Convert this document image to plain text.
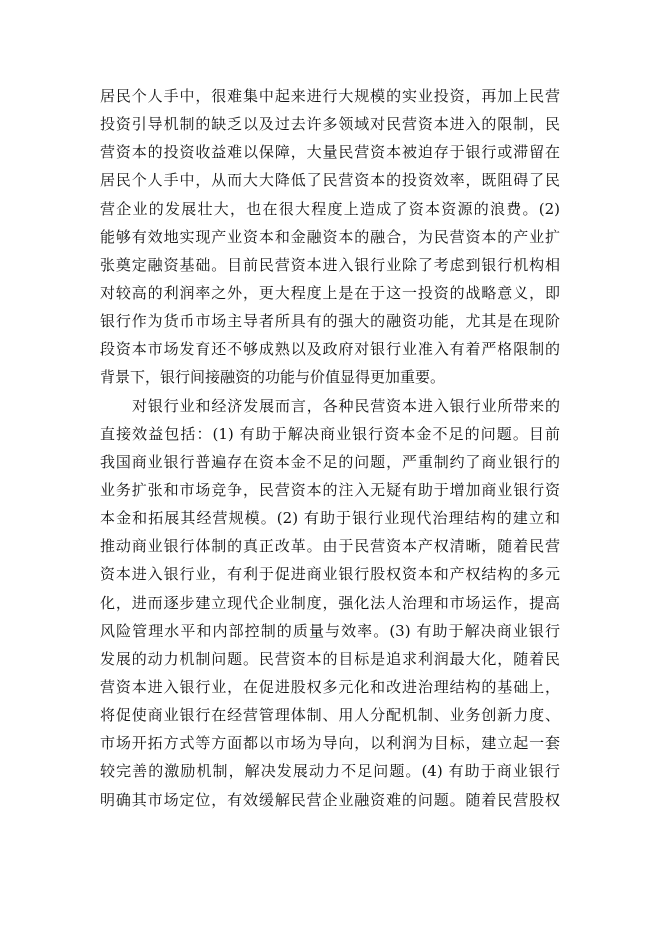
居民个人手中，很难集中起来进行大规模的实业投资，再加上民营
投资引导机制的缺乏以及过去许多领域对民营资本进入的限制，民
营资本的投资收益难以保障，大量民营资本被迫存于银行或滞留在
居民个人手中，从而大大降低了民营资本的投资效率，既阻碍了民
营企业的发展壮大，也在很大程度上造成了资本资源的浪费。(2)
能够有效地实现产业资本和金融资本的融合，为民营资本的产业扩
张奠定融资基础。目前民营资本进入银行业除了考虑到银行机构相
对较高的利润率之外，更大程度上是在于这一投资的战略意义，即
银行作为货币市场主导者所具有的强大的融资功能，尤其是在现阶
段资本市场发育还不够成熟以及政府对银行业准入有着严格限制的
背景下，银行间接融资的功能与价值显得更加重要。
对银行业和经济发展而言，各种民营资本进入银行业所带来的
直接效益包括：(1) 有助于解决商业银行资本金不足的问题。目前
我国商业银行普遍存在资本金不足的问题，严重制约了商业银行的
业务扩张和市场竞争，民营资本的注入无疑有助于增加商业银行资
本金和拓展其经营规模。(2) 有助于银行业现代治理结构的建立和
推动商业银行体制的真正改革。由于民营资本产权清晰，随着民营
资本进入银行业，有利于促进商业银行股权资本和产权结构的多元
化，进而逐步建立现代企业制度，强化法人治理和市场运作，提高
风险管理水平和内部控制的质量与效率。(3) 有助于解决商业银行
发展的动力机制问题。民营资本的目标是追求利润最大化，随着民
营资本进入银行业，在促进股权多元化和改进治理结构的基础上，
将促使商业银行在经营管理体制、用人分配机制、业务创新力度、
市场开拓方式等方面都以市场为导向，以利润为目标，建立起一套
较完善的激励机制，解决发展动力不足问题。(4) 有助于商业银行
明确其市场定位，有效缓解民营企业融资难的问题。随着民营股权
